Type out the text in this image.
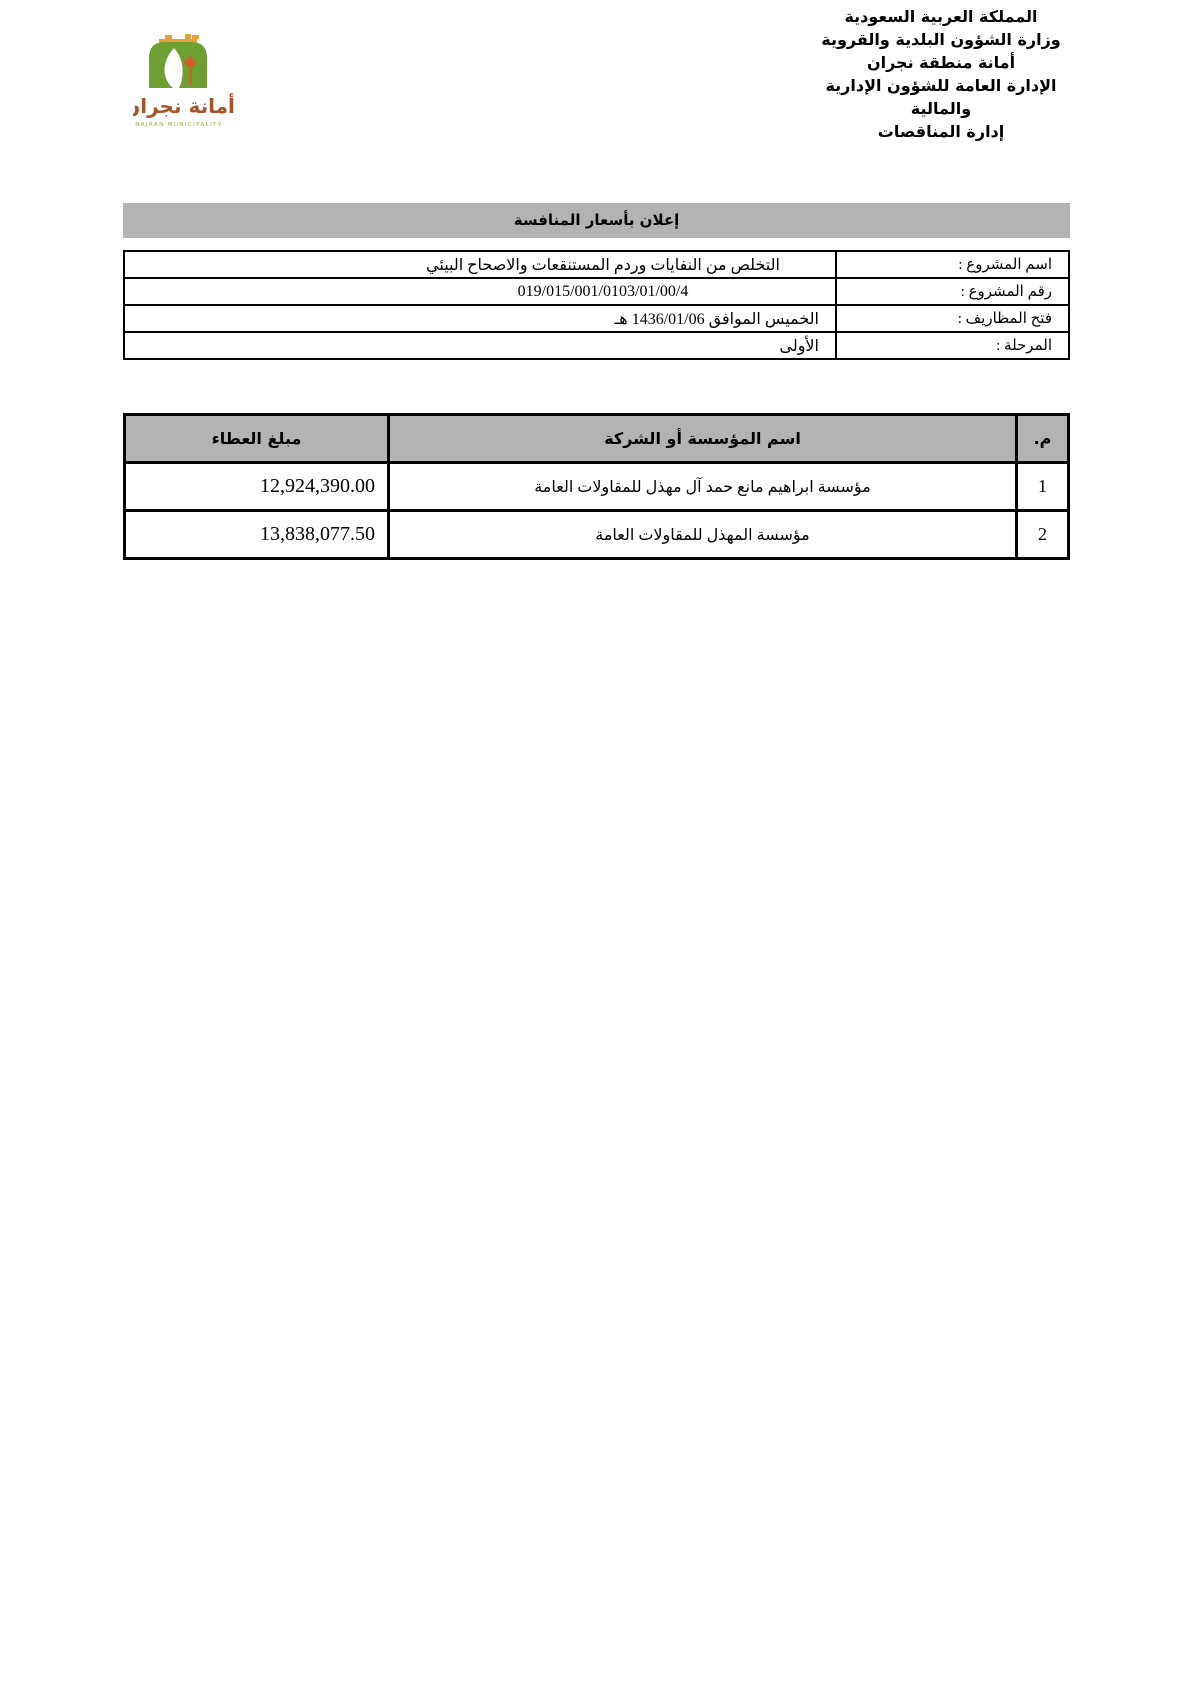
أمانة نجران
NAJRAN MUNICIPALITY
المملكة العربية السعودية
وزارة الشؤون البلدية والقروية
أمانة منطقة نجران
الإدارة العامة للشؤون الإدارية
والمالية
إدارة المناقصات
إعلان بأسعار المنافسة
اسم المشروع :	التخلص من النفايات وردم المستنقعات والاصحاح البيئي
رقم المشروع :	019/015/001/0103/01/00/4
فتح المظاريف :	الخميس الموافق 1436/01/06 هـ
المرحلة :	الأولى
م.	اسم المؤسسة أو الشركة	مبلغ العطاء
1	مؤسسة ابراهيم مانع حمد آل مهذل للمقاولات العامة	12,924,390.00
2	مؤسسة المهذل للمقاولات العامة	13,838,077.50
